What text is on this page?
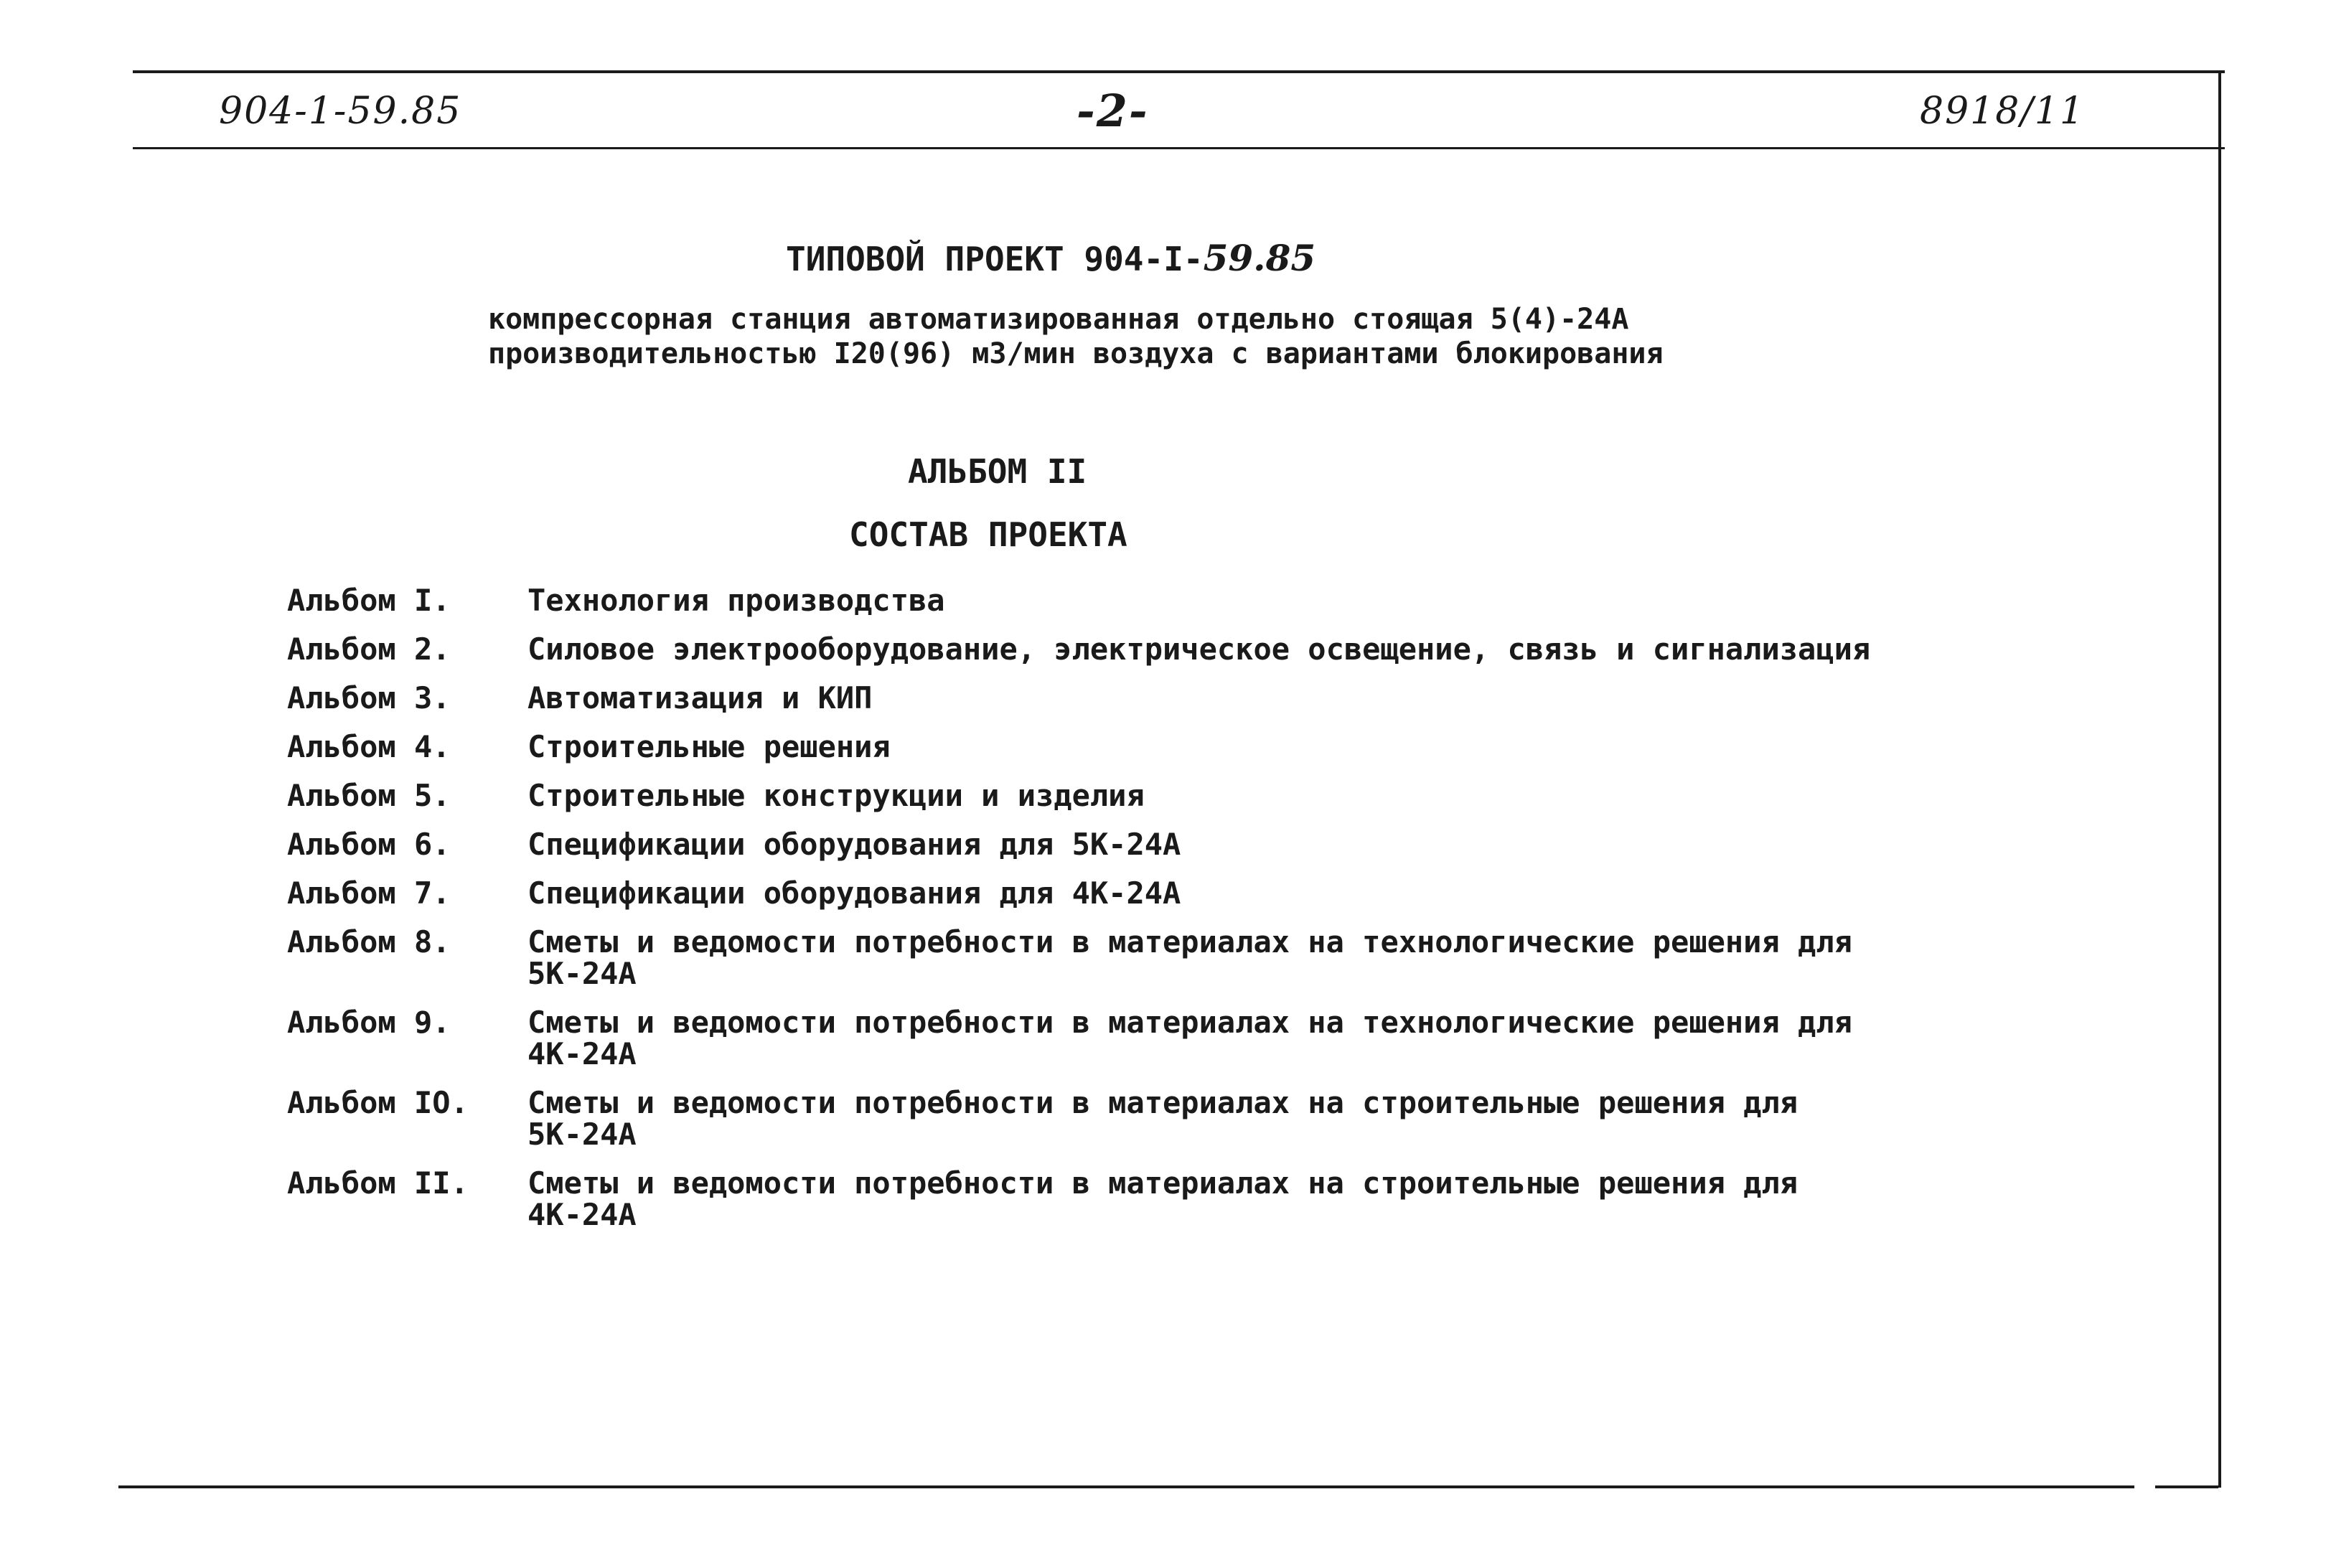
904-1-59.85	-2-	8918/11
ТИПОВОЙ ПРОЕКТ 904-I-59.85
компрессорная станция автоматизированная отдельно стоящая 5(4)-24А
производительностью I20(96) м3/мин воздуха с вариантами блокирования
АЛЬБОМ II
СОСТАВ ПРОЕКТА
Альбом I.	Технология производства
Альбом 2.	Силовое электрооборудование, электрическое освещение, связь и сигнализация
Альбом 3.	Автоматизация и КИП
Альбом 4.	Строительные решения
Альбом 5.	Строительные конструкции и изделия
Альбом 6.	Спецификации оборудования для 5К-24А
Альбом 7.	Спецификации оборудования для 4К-24А
Альбом 8.	Сметы и ведомости потребности в материалах на технологические решения для
5К-24А
Альбом 9.	Сметы и ведомости потребности в материалах на технологические решения для
4К-24А
Альбом IO.	Сметы и ведомости потребности в материалах на строительные решения для
5К-24А
Альбом II.	Сметы и ведомости потребности в материалах на строительные решения для
4К-24А
